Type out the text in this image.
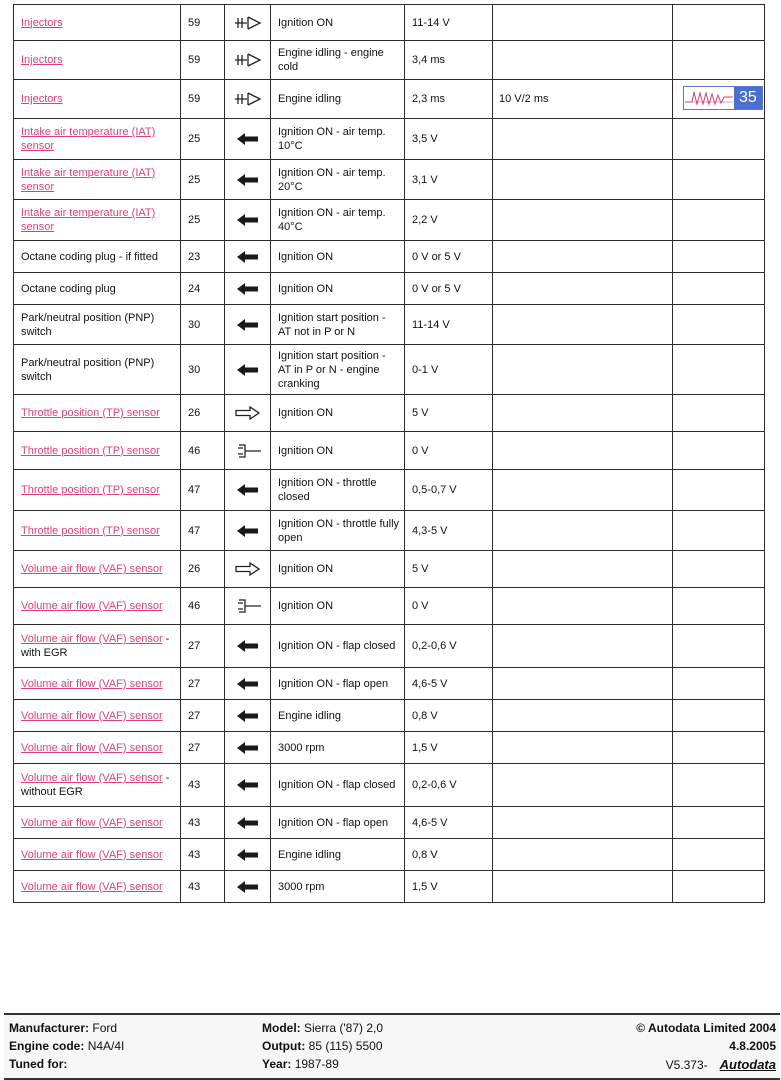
Injectors	59		Ignition ON	11-14 V		
Injectors	59		Engine idling - engine cold	3,4 ms		
Injectors	59		Engine idling	2,3 ms	10 V/2 ms	35

Intake air temperature (IAT) sensor	25		Ignition ON - air temp. 10°C	3,5 V		
Intake air temperature (IAT) sensor	25		Ignition ON - air temp. 20°C	3,1 V		
Intake air temperature (IAT) sensor	25		Ignition ON - air temp. 40°C	2,2 V		
Octane coding plug - if fitted	23		Ignition ON	0 V or 5 V		
Octane coding plug	24		Ignition ON	0 V or 5 V		
Park/neutral position (PNP) switch	30		Ignition start position - AT not in P or N	11-14 V		
Park/neutral position (PNP) switch	30		Ignition start position - AT in P or N - engine cranking	0-1 V		
Throttle position (TP) sensor	26		Ignition ON	5 V		
Throttle position (TP) sensor	46		Ignition ON	0 V		
Throttle position (TP) sensor	47		Ignition ON - throttle closed	0,5-0,7 V		
Throttle position (TP) sensor	47		Ignition ON - throttle fully open	4,3-5 V		
Volume air flow (VAF) sensor	26		Ignition ON	5 V		
Volume air flow (VAF) sensor	46		Ignition ON	0 V		
Volume air flow (VAF) sensor - with EGR	27		Ignition ON - flap closed	0,2-0,6 V		
Volume air flow (VAF) sensor	27		Ignition ON - flap open	4,6-5 V		
Volume air flow (VAF) sensor	27		Engine idling	0,8 V		
Volume air flow (VAF) sensor	27		3000 rpm	1,5 V		
Volume air flow (VAF) sensor - without EGR	43		Ignition ON - flap closed	0,2-0,6 V		
Volume air flow (VAF) sensor	43		Ignition ON - flap open	4,6-5 V		
Volume air flow (VAF) sensor	43		Engine idling	0,8 V		
Volume air flow (VAF) sensor	43		3000 rpm	1,5 V		
Manufacturer: Ford	Model: Sierra ('87) 2,0	© Autodata Limited 2004
Engine code: N4A/4I	Output: 85 (115) 5500	4.8.2005
Tuned for:	Year: 1987-89	V5.373- Autodata
